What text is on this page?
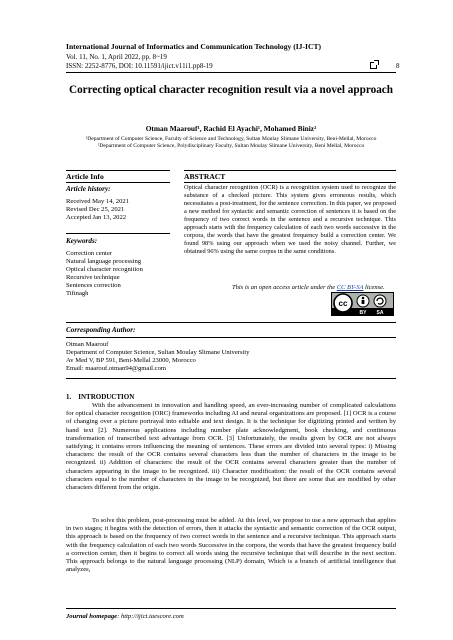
International Journal of Informatics and Communication Technology (IJ-ICT)
Vol. 11, No. 1, April 2022, pp. 8~19
ISSN: 2252-8776, DOI: 10.11591/ijict.v11i1.pp8-19	8
Correcting optical character recognition result via a novel approach
Otman Maarouf¹, Rachid El Ayachi¹, Mohamed Biniz²
¹Department of Computer Science, Faculty of Science and Technology, Sultan Moulay Slimane University, Beni-Mellal, Morocco
²Department of Computer Science, Polydisciplinary Faculty, Sultan Moulay Slimane University, Beni Mellal, Morocco
Article Info	ABSTRACT
Article history:
Received May 14, 2021
Revised Dec 25, 2021
Accepted Jan 13, 2022
Keywords:
Correction center
Natural language processing
Optical character recognition
Recursive technique
Sentences correction
Tifinagh
Optical character recognition (OCR) is a recognition system used to recognize the substance of a checked picture. This system gives erroneous results, which necessitates a post-treatment, for the sentence correction. In this paper, we proposed a new method for syntactic and semantic correction of sentences it is based on the frequency of two correct words in the sentence and a recursive technique. This approach starts with the frequency calculation of each two words successive in the corpora, the words that have the greatest frequency build a correction center. We found 98% using our approach when we used the noisy channel. Further, we obtained 96% using the same corpus in the same conditions.
This is an open access article under the CC BY-SA license.
cc
BY SA
Corresponding Author:
Otman Maarouf
Department of Computer Science, Sultan Moulay Slimane University
Av Med V, BP 591, Beni-Mellal 23000, Morocco
Email: maarouf.otman94@gmail.com
1.    INTRODUCTION
With the advancement in innovation and handling speed, an ever-increasing number of complicated calculations for optical character recognition (ORC) frameworks including AI and neural organizations are proposed. [1] OCR is a course of changing over a picture portrayal into editable and text design. It is the technique for digitizing printed and written by hand text [2]. Numerous applications including number plate acknowledgment, book checking, and continuous transformation of transcribed text advantage from OCR. [3] Unfortunately, the results given by OCR are not always satisfying; it contains errors influencing the meaning of sentences. These errors are divided into several types: i) Missing characters: the result of the OCR contains several characters less than the number of characters in the image to be recognized. ii) Addition of characters: the result of the OCR contains several characters greater than the number of characters appearing in the image to be recognized. iii) Character modification: the result of the OCR contains several characters equal to the number of characters in the image to be recognized, but there are some that are modified by other characters different from the origin.
To solve this problem, post-processing must be added. At this level, we propose to use a new approach that applies in two stages; it begins with the detection of errors, then it attacks the syntactic and semantic correction of the OCR output, this approach is based on the frequency of two correct words in the sentence and a recursive technique. This approach starts with the frequency calculation of each two words Successive in the corpora, the words that have the greatest frequency build a correction center, then it begins to correct all words using the recursive technique that will describe in the next section. This approach belongs to the natural language processing (NLP) domain, Which is a branch of artificial intelligence that analyzes,
Journal homepage: http://ijict.iaescore.com
